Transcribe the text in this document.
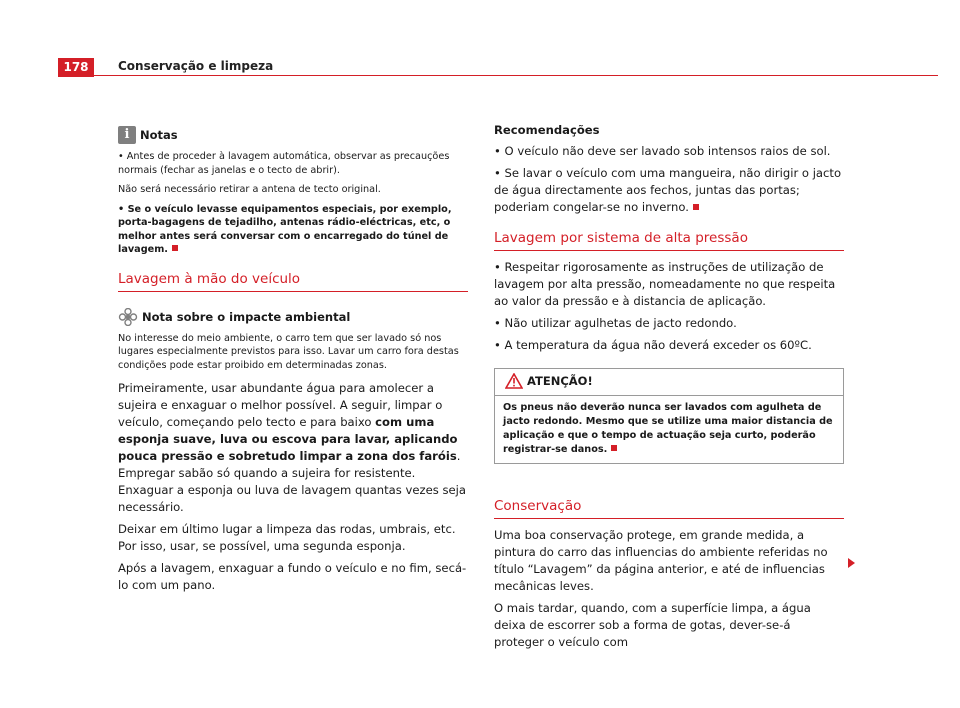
178	Conservação e limpeza
i Notas

• Antes de proceder à lavagem automática, observar as precauções normais (fechar as janelas e o tecto de abrir).

Não será necessário retirar a antena de tecto original.

• Se o veículo levasse equipamentos especiais, por exemplo, porta-bagagens de tejadilho, antenas rádio-eléctricas, etc, o melhor antes será conversar com o encarregado do túnel de lavagem.

Lavagem à mão do veículo
Nota sobre o impacte ambiental

No interesse do meio ambiente, o carro tem que ser lavado só nos lugares especialmente previstos para isso. Lavar um carro fora destas condições pode estar proibido em determinadas zonas.

Primeiramente, usar abundante água para amolecer a sujeira e enxaguar o melhor possível. A seguir, limpar o veículo, começando pelo tecto e para baixo com uma esponja suave, luva ou escova para lavar, aplicando pouca pressão e sobretudo limpar a zona dos faróis. Empregar sabão só quando a sujeira for resistente. Enxaguar a esponja ou luva de lavagem quantas vezes seja necessário.

Deixar em último lugar a limpeza das rodas, umbrais, etc. Por isso, usar, se possível, uma segunda esponja.

Após a lavagem, enxaguar a fundo o veículo e no fim, secá-lo com um pano.

Recomendações

• O veículo não deve ser lavado sob intensos raios de sol.

• Se lavar o veículo com uma mangueira, não dirigir o jacto de água directamente aos fechos, juntas das portas; poderiam congelar-se no inverno.

Lavagem por sistema de alta pressão

• Respeitar rigorosamente as instruções de utilização de lavagem por alta pressão, nomeadamente no que respeita ao valor da pressão e à distancia de aplicação.

• Não utilizar agulhetas de jacto redondo.

• A temperatura da água não deverá exceder os 60ºC.

ATENÇÃO!
Os pneus não deverão nunca ser lavados com agulheta de jacto redondo. Mesmo que se utilize uma maior distancia de aplicação e que o tempo de actuação seja curto, poderão registrar-se danos.
Conservação

Uma boa conservação protege, em grande medida, a pintura do carro das influencias do ambiente referidas no título “Lavagem” da página anterior, e até de influencias mecânicas leves.

O mais tardar, quando, com a superfície limpa, a água deixa de escorrer sob a forma de gotas, dever-se-á proteger o veículo com
